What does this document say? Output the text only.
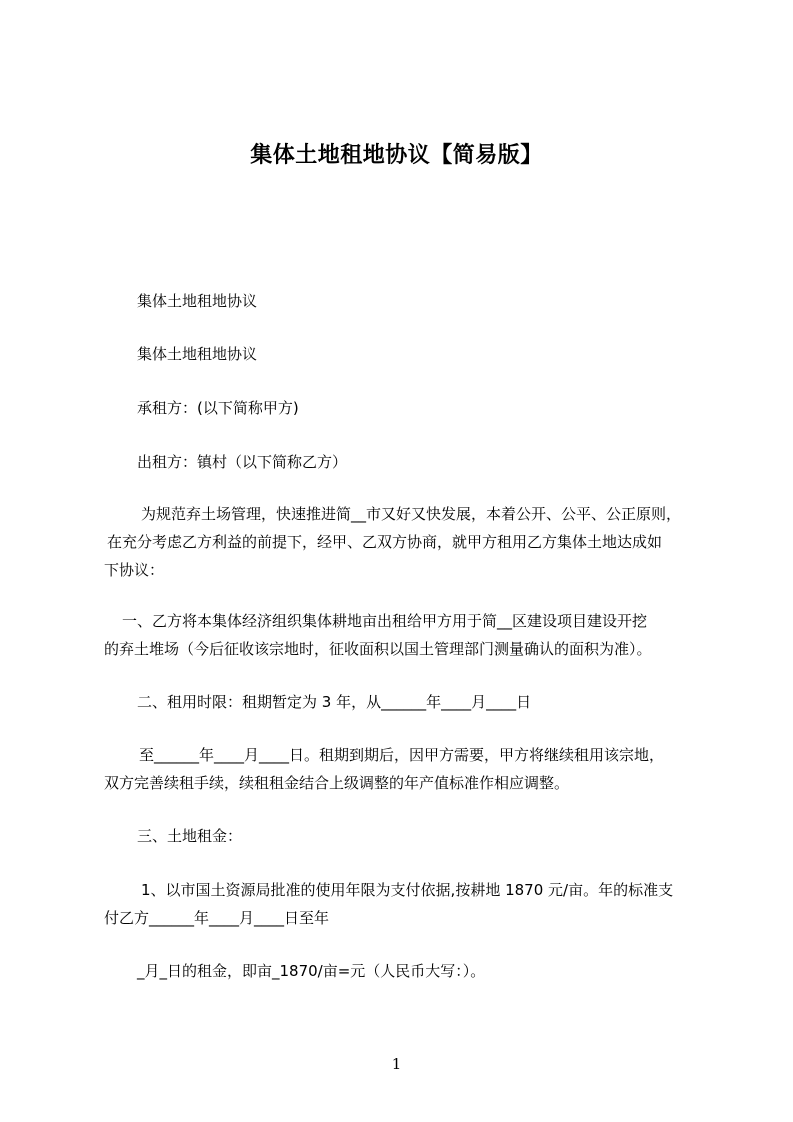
集体土地租地协议【简易版】
集体土地租地协议
集体土地租地协议
承租方：(以下简称甲方)
出租方：镇村（以下简称乙方）
为规范弃土场管理，快速推进简__市又好又快发展，本着公开、公平、公正原则，
在充分考虑乙方利益的前提下，经甲、乙双方协商，就甲方租用乙方集体土地达成如
下协议：
一、乙方将本集体经济组织集体耕地亩出租给甲方用于简__区建设项目建设开挖
的弃土堆场（今后征收该宗地时，征收面积以国土管理部门测量确认的面积为准）。
二、租用时限：租期暂定为 3 年，从______年____月____日
至______年____月____日。租期到期后，因甲方需要，甲方将继续租用该宗地，
双方完善续租手续，续租租金结合上级调整的年产值标准作相应调整。
三、土地租金：
1、以市国土资源局批准的使用年限为支付依据,按耕地 1870 元/亩。年的标准支
付乙方______年____月____日至年
_月_日的租金，即亩_1870/亩=元（人民币大写：）。
1
